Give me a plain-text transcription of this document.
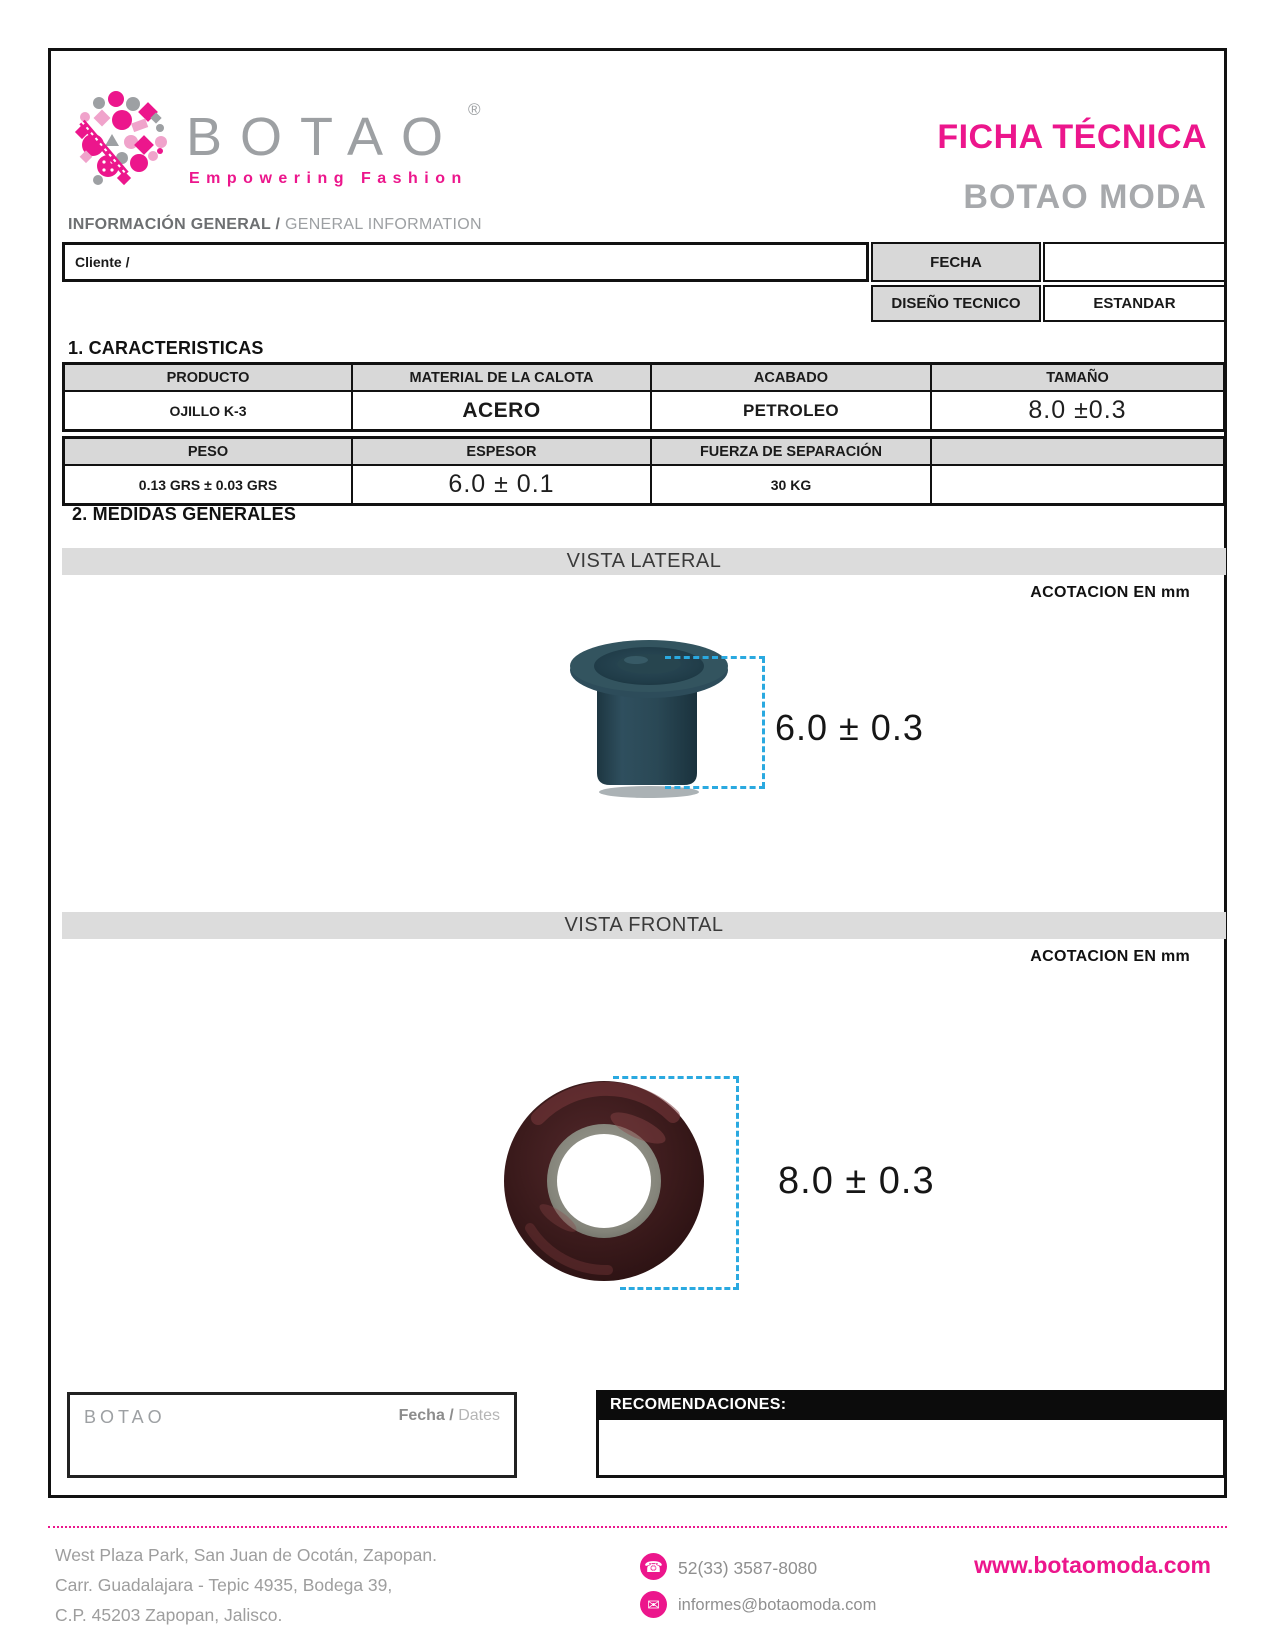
BOTAO ®
Empowering Fashion
FICHA TÉCNICA
BOTAO MODA
INFORMACIÓN GENERAL / GENERAL INFORMATION
Cliente /	FECHA
DISEÑO TECNICO	ESTANDAR
1. CARACTERISTICAS
PRODUCTO	MATERIAL DE LA CALOTA	ACABADO	TAMAÑO
OJILLO K-3	ACERO	PETROLEO	8.0 ±0.3
PESO	ESPESOR	FUERZA DE SEPARACIÓN
0.13 GRS ± 0.03 GRS	6.0 ± 0.1	30 KG
2. MEDIDAS GENERALES
VISTA LATERAL
ACOTACION EN mm
6.0 ± 0.3
VISTA FRONTAL
ACOTACION EN mm
8.0 ± 0.3
BOTAO	Fecha / Dates
RECOMENDACIONES:
West Plaza Park, San Juan de Ocotán, Zapopan.
Carr. Guadalajara - Tepic 4935, Bodega 39,
C.P. 45203 Zapopan, Jalisco.
☎ 52(33) 3587-8080
✉	informes@botaomoda.com
www.botaomoda.com
